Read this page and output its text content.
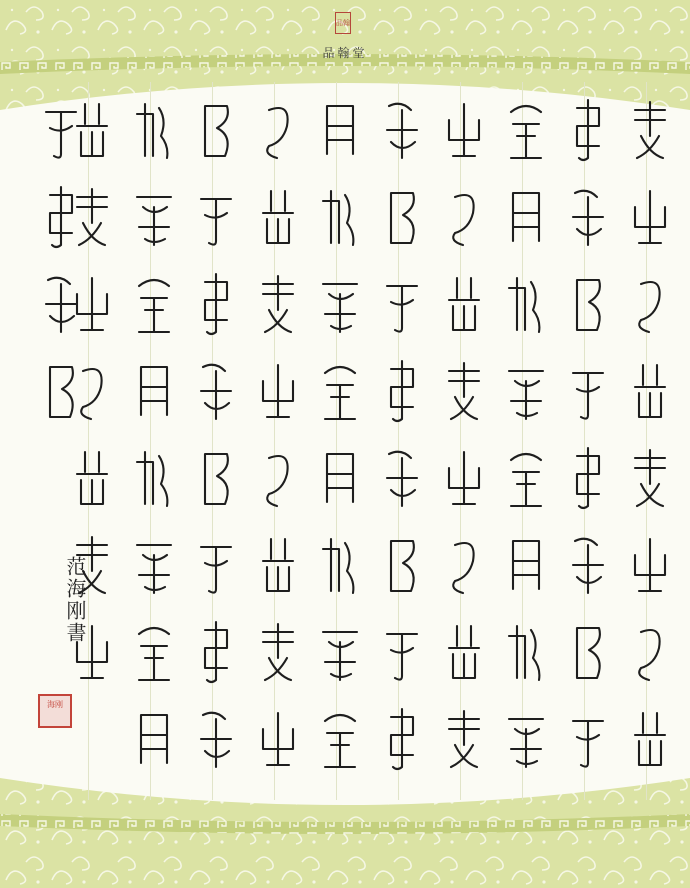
品翰
品翰堂
范海刚書
海刚
